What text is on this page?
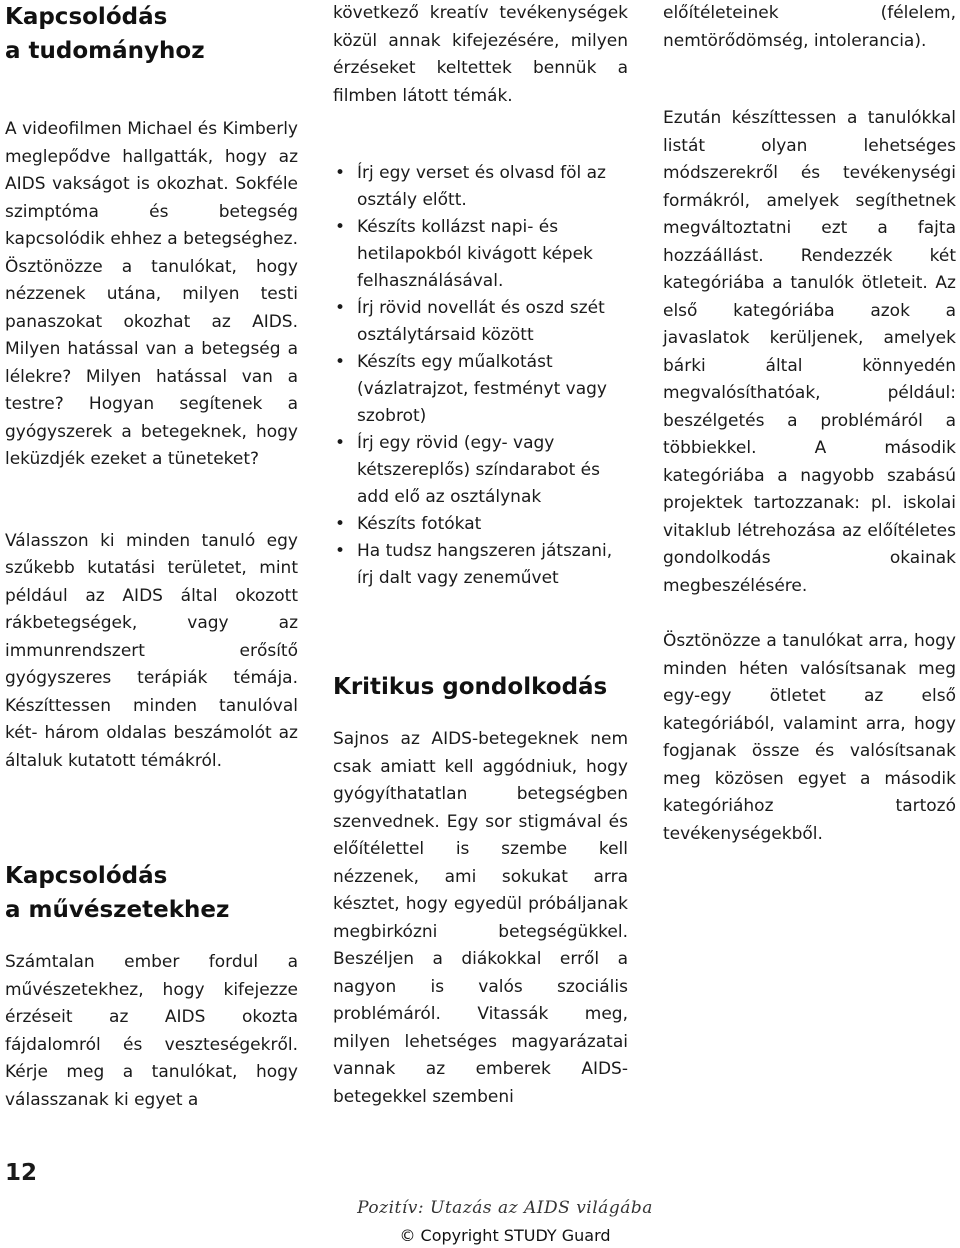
Kapcsolódás
a tudományhoz

A videofilmen Michael és Kimberly meglepődve hallgatták, hogy az AIDS vakságot is okozhat. Sokféle szimptóma és betegség kapcsolódik ehhez a betegséghez. Ösztönözze a tanulókat, hogy nézzenek utána, milyen testi panaszokat okozhat az AIDS. Milyen hatással van a betegség a lélekre? Milyen hatással van a testre? Hogyan segítenek a gyógyszerek a betegeknek, hogy leküzdjék ezeket a tüneteket?

Válasszon ki minden tanuló egy szűkebb kutatási területet, mint például az AIDS által okozott rákbetegségek, vagy az immunrendszert erősítő gyógyszeres terápiák témája. Készíttessen minden tanulóval két- három oldalas beszámolót az általuk kutatott témákról.

Kapcsolódás
a művészetekhez

Számtalan ember fordul a művészetekhez, hogy kifejezze érzéseit az AIDS okozta fájdalomról és veszteségekről. Kérje meg a tanulókat, hogy válasszanak ki egyet a

következő kreatív tevékenységek közül annak kifejezésére, milyen érzéseket keltettek bennük a filmben látott témák.

• Írj egy verset és olvasd föl az osztály előtt.
• Készíts kollázst napi- és hetilapokból kivágott képek felhasználásával.
• Írj rövid novellát és oszd szét osztálytársaid között
• Készíts egy műalkotást (vázlatrajzot, festményt vagy szobrot)
• Írj egy rövid (egy- vagy kétszereplős) színdarabot és add elő az osztálynak
• Készíts fotókat
• Ha tudsz hangszeren játszani, írj dalt vagy zeneművet
Kritikus gondolkodás

Sajnos az AIDS-betegeknek nem csak amiatt kell aggódniuk, hogy gyógyíthatatlan betegségben szenvednek. Egy sor stigmával és előítélettel is szembe kell nézzenek, ami sokukat arra késztet, hogy egyedül próbáljanak megbirkózni betegségükkel. Beszéljen a diákokkal erről a nagyon is valós szociális problémáról. Vitassák meg, milyen lehetséges magyarázatai vannak az emberek AIDS-betegekkel szembeni

előítéleteinek (félelem, nemtörődömség, intolerancia).

Ezután készíttessen a tanulókkal listát olyan lehetséges módszerekről és tevékenységi formákról, amelyek segíthetnek megváltoztatni ezt a fajta hozzáállást. Rendezzék két kategóriába a tanulók ötleteit. Az első kategóriába azok a javaslatok kerüljenek, amelyek bárki által könnyedén megvalósíthatóak, például: beszélgetés a problémáról a többiekkel. A második kategóriába a nagyobb szabású projektek tartozzanak: pl. iskolai vitaklub létrehozása az előítéletes gondolkodás okainak megbeszélésére.

Ösztönözze a tanulókat arra, hogy minden héten valósítsanak meg egy-egy ötletet az első kategóriából, valamint arra, hogy fogjanak össze és valósítsanak meg közösen egyet a második kategóriához tartozó tevékenységekből.

12
Pozitív: Utazás az AIDS világába
© Copyright STUDY Guard
